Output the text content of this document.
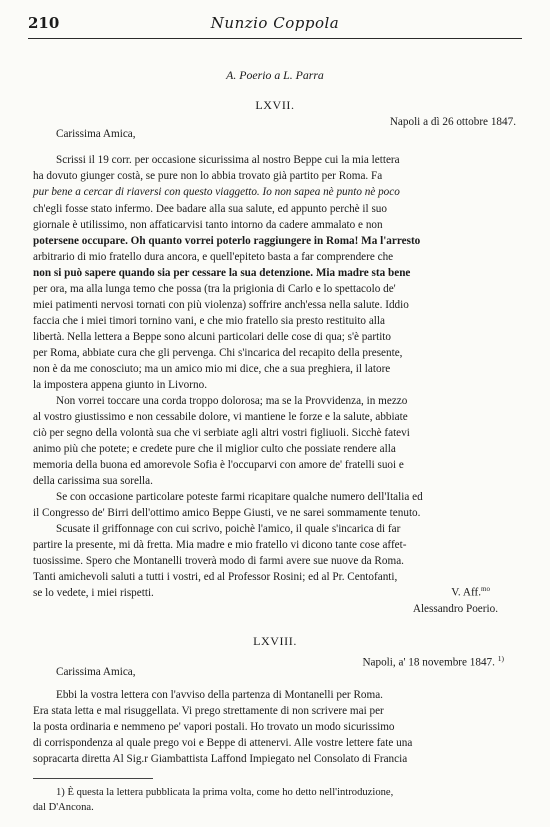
210	Nunzio Coppola
A. Poerio a L. Parra
LXVII.
Napoli a dì 26 ottobre 1847.
Carissima Amica,
Scrissi il 19 corr. per occasione sicurissima al nostro Beppe cui la mia lettera
ha dovuto giunger costà, se pure non lo abbia trovato già partito per Roma. Fa
pur bene a cercar di riaversi con questo viaggetto. Io non sapea nè punto nè poco
ch'egli fosse stato infermo. Dee badare alla sua salute, ed appunto perchè il suo
giornale è utilissimo, non affaticarvisi tanto intorno da cadere ammalato e non
potersene occupare. Oh quanto vorrei poterlo raggiungere in Roma! Ma l'arresto
arbitrario di mio fratello dura ancora, e quell'epiteto basta a far comprendere che
non si può sapere quando sia per cessare la sua detenzione. Mia madre sta bene
per ora, ma alla lunga temo che possa (tra la prigionia di Carlo e lo spettacolo de'
miei patimenti nervosi tornati con più violenza) soffrire anch'essa nella salute. Iddio
faccia che i miei timori tornino vani, e che mio fratello sia presto restituito alla
libertà. Nella lettera a Beppe sono alcuni particolari delle cose di qua; s'è partito
per Roma, abbiate cura che gli pervenga. Chi s'incarica del recapito della presente,
non è da me conosciuto; ma un amico mio mi dice, che a sua preghiera, il latore
la impostera appena giunto in Livorno.
Non vorrei toccare una corda troppo dolorosa; ma se la Provvidenza, in mezzo
al vostro giustissimo e non cessabile dolore, vi mantiene le forze e la salute, abbiate
ciò per segno della volontà sua che vi serbiate agli altri vostri figliuoli. Sicchè fatevi
animo più che potete; e credete pure che il miglior culto che possiate rendere alla
memoria della buona ed amorevole Sofia è l'occuparvi con amore de' fratelli suoi e
della carissima sua sorella.
Se con occasione particolare poteste farmi ricapitare qualche numero dell'Italia ed
il Congresso de' Birri dell'ottimo amico Beppe Giusti, ve ne sarei sommamente tenuto.
Scusate il griffonnage con cui scrivo, poichè l'amico, il quale s'incarica di far
partire la presente, mi dà fretta. Mia madre e mio fratello vi dicono tante cose affet-
tuosissime. Spero che Montanelli troverà modo di farmi avere sue nuove da Roma.
Tanti amichevoli saluti a tutti i vostri, ed al Professor Rosini; ed al Pr. Centofanti,
se lo vedete, i miei rispetti.	V. Aff.$^{mo}$
Alessandro Poerio.
LXVIII.
Napoli, a' 18 novembre 1847. $^{1)}$
Carissima Amica,
Ebbi la vostra lettera con l'avviso della partenza di Montanelli per Roma.
Era stata letta e mal risuggellata. Vi prego strettamente di non scrivere mai per
la posta ordinaria e nemmeno pe' vapori postali. Ho trovato un modo sicurissimo
di corrispondenza al quale prego voi e Beppe di attenervi. Alle vostre lettere fate una
sopracarta diretta Al Sig.r Giambattista Laffond Impiegato nel Consolato di Francia
1) È questa la lettera pubblicata la prima volta, come ho detto nell'introduzione,
dal D'Ancona.
